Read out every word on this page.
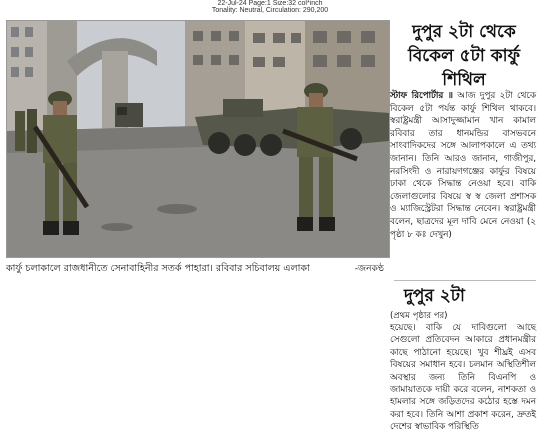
22-Jul-24 Page:1 Size:32 col*inch
Tonality: Neutral, Circulation: 290,200
কার্ফু চলাকালে রাজধানীতে সেনাবাহিনীর সতর্ক পাহারা। রবিবার সচিবালয় এলাকা	-জনকণ্ঠ
দুপুর ২টা থেকে বিকেল ৫টা কার্ফু শিথিল
স্টাফ রিপোর্টার ॥ আজ দুপুর ২টা থেকে বিকেল ৫টা পর্যন্ত কার্ফু শিথিল থাকবে। স্বরাষ্ট্রমন্ত্রী আসাদুজ্জামান খান কামাল রবিবার তার ধানমন্ডির বাসভবনে সাংবাদিকদের সঙ্গে আলাপকালে এ তথ্য জানান। তিনি আরও জানান, গাজীপুর, নরসিংদী ও নারায়ণগঞ্জের কার্ফুর বিষয়ে ঢাকা থেকে সিদ্ধান্ত নেওয়া হবে। বাকি জেলাগুলোর বিষয়ে স্ব স্ব জেলা প্রশাসক ও ম্যাজিস্ট্রেটরা সিদ্ধান্ত নেবেন। স্বরাষ্ট্রমন্ত্রী বলেন, ছাত্রদের মূল দাবি মেনে নেওয়া (২ পৃষ্ঠা ৮ কঃ দেখুন)
দুপুর ২টা
(প্রথম পৃষ্ঠার পর)
হয়েছে। বাকি যে দাবিগুলো আছে সেগুলো প্রতিবেদন আকারে প্রধানমন্ত্রীর কাছে পাঠানো হয়েছে। খুব শীঘ্রই এসব বিষয়ের সমাধান হবে। চলমান অস্থিতিশীল অবস্থার জন্য তিনি বিএনপি ও জামায়াতকে দায়ী করে বলেন, নাশকতা ও হামলার সঙ্গে জড়িতদের কঠোর হস্তে দমন করা হবে। তিনি আশা প্রকাশ করেন, দ্রুতই দেশের স্বাভাবিক পরিস্থিতি
